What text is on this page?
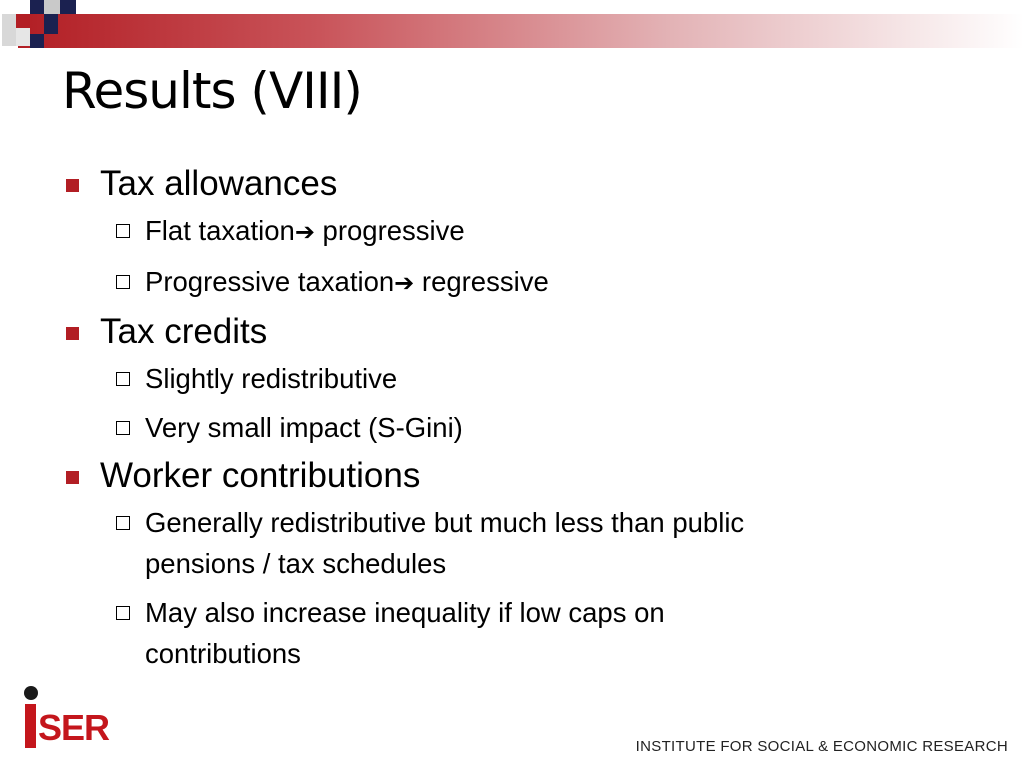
Results (VIII)
Tax allowances
Flat taxation➔ progressive
Progressive taxation➔ regressive
Tax credits
Slightly redistributive
Very small impact (S-Gini)
Worker contributions
Generally redistributive but much less than public
pensions / tax schedules
May also increase inequality if low caps on
contributions
SER	INSTITUTE FOR SOCIAL & ECONOMIC RESEARCH
